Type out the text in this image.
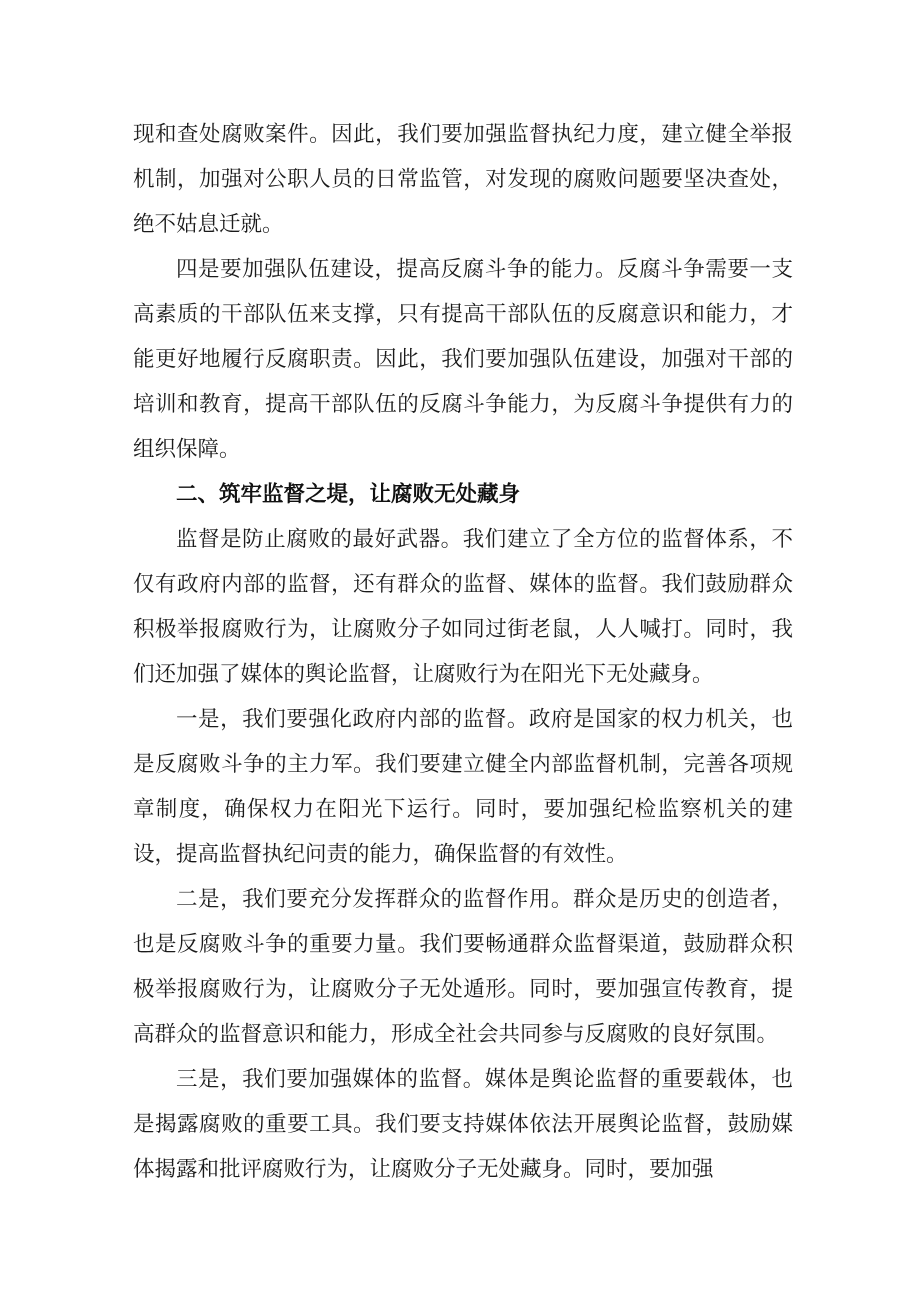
现和查处腐败案件。因此，我们要加强监督执纪力度，建立健全举报机制，加强对公职人员的日常监管，对发现的腐败问题要坚决查处，绝不姑息迁就。

四是要加强队伍建设，提高反腐斗争的能力。反腐斗争需要一支高素质的干部队伍来支撑，只有提高干部队伍的反腐意识和能力，才能更好地履行反腐职责。因此，我们要加强队伍建设，加强对干部的培训和教育，提高干部队伍的反腐斗争能力，为反腐斗争提供有力的组织保障。

二、筑牢监督之堤，让腐败无处藏身

监督是防止腐败的最好武器。我们建立了全方位的监督体系，不仅有政府内部的监督，还有群众的监督、媒体的监督。我们鼓励群众积极举报腐败行为，让腐败分子如同过街老鼠，人人喊打。同时，我们还加强了媒体的舆论监督，让腐败行为在阳光下无处藏身。

一是，我们要强化政府内部的监督。政府是国家的权力机关，也是反腐败斗争的主力军。我们要建立健全内部监督机制，完善各项规章制度，确保权力在阳光下运行。同时，要加强纪检监察机关的建设，提高监督执纪问责的能力，确保监督的有效性。

二是，我们要充分发挥群众的监督作用。群众是历史的创造者，也是反腐败斗争的重要力量。我们要畅通群众监督渠道，鼓励群众积极举报腐败行为，让腐败分子无处遁形。同时，要加强宣传教育，提高群众的监督意识和能力，形成全社会共同参与反腐败的良好氛围。

三是，我们要加强媒体的监督。媒体是舆论监督的重要载体，也是揭露腐败的重要工具。我们要支持媒体依法开展舆论监督，鼓励媒体揭露和批评腐败行为，让腐败分子无处藏身。同时，要加强
